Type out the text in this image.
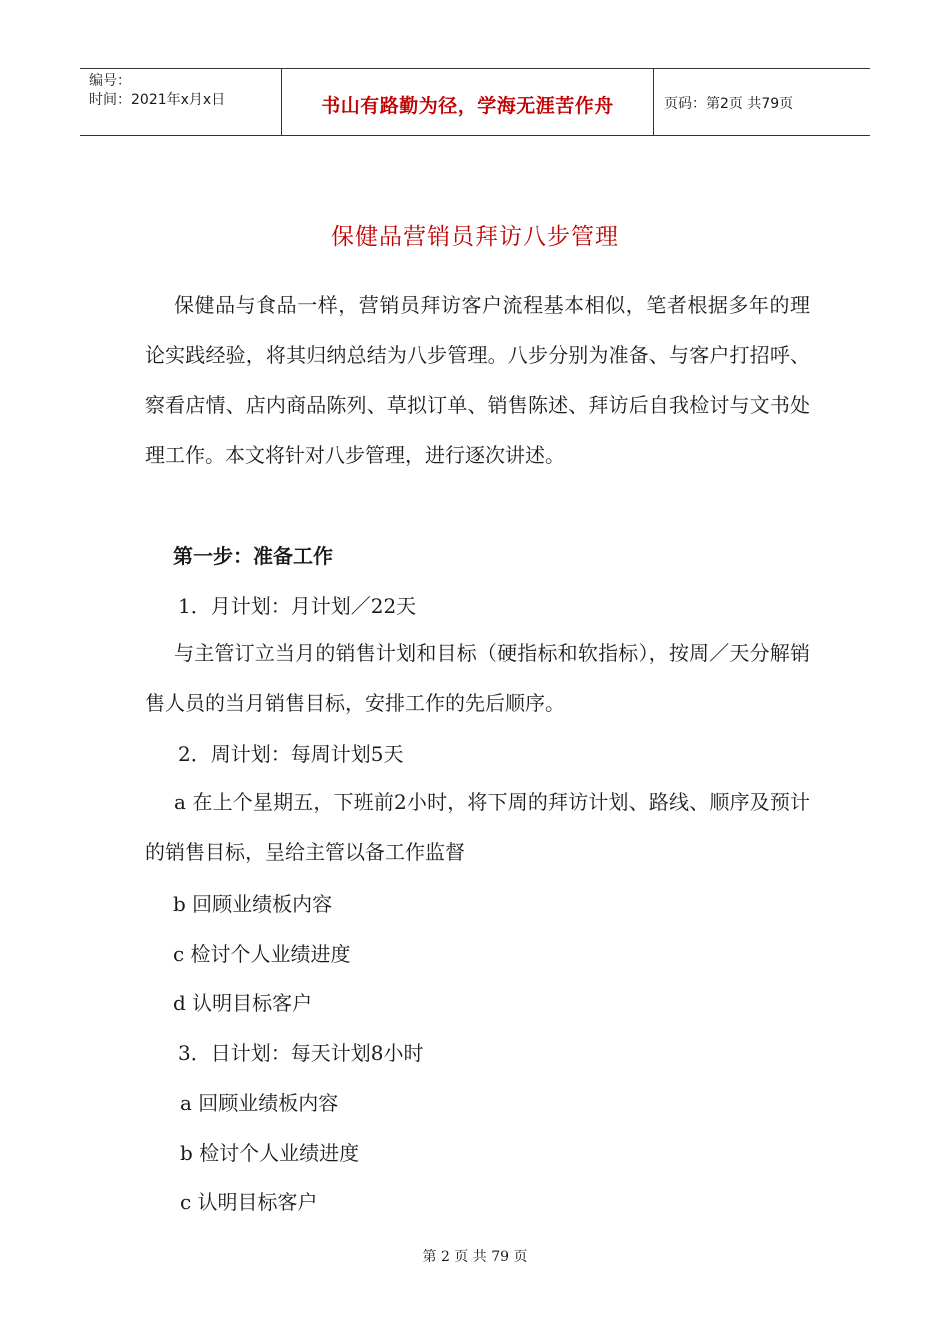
编号：
时间：2021年x月x日	书山有路勤为径，学海无涯苦作舟	页码：第2页 共79页
保健品营销员拜访八步管理

保健品与食品一样，营销员拜访客户流程基本相似，笔者根据多年的理论实践经验，将其归纳总结为八步管理。八步分别为准备、与客户打招呼、察看店情、店内商品陈列、草拟订单、销售陈述、拜访后自我检讨与文书处理工作。本文将针对八步管理，进行逐次讲述。

第一步：准备工作
1．月计划：月计划／22天

与主管订立当月的销售计划和目标（硬指标和软指标），按周／天分解销售人员的当月销售目标，安排工作的先后顺序。

2．周计划：每周计划5天

a 在上个星期五，下班前2小时，将下周的拜访计划、路线、顺序及预计的销售目标，呈给主管以备工作监督

b 回顾业绩板内容
c 检讨个人业绩进度
d 认明目标客户
3．日计划：每天计划8小时
a 回顾业绩板内容
b 检讨个人业绩进度
c 认明目标客户
第 2 页 共 79 页
